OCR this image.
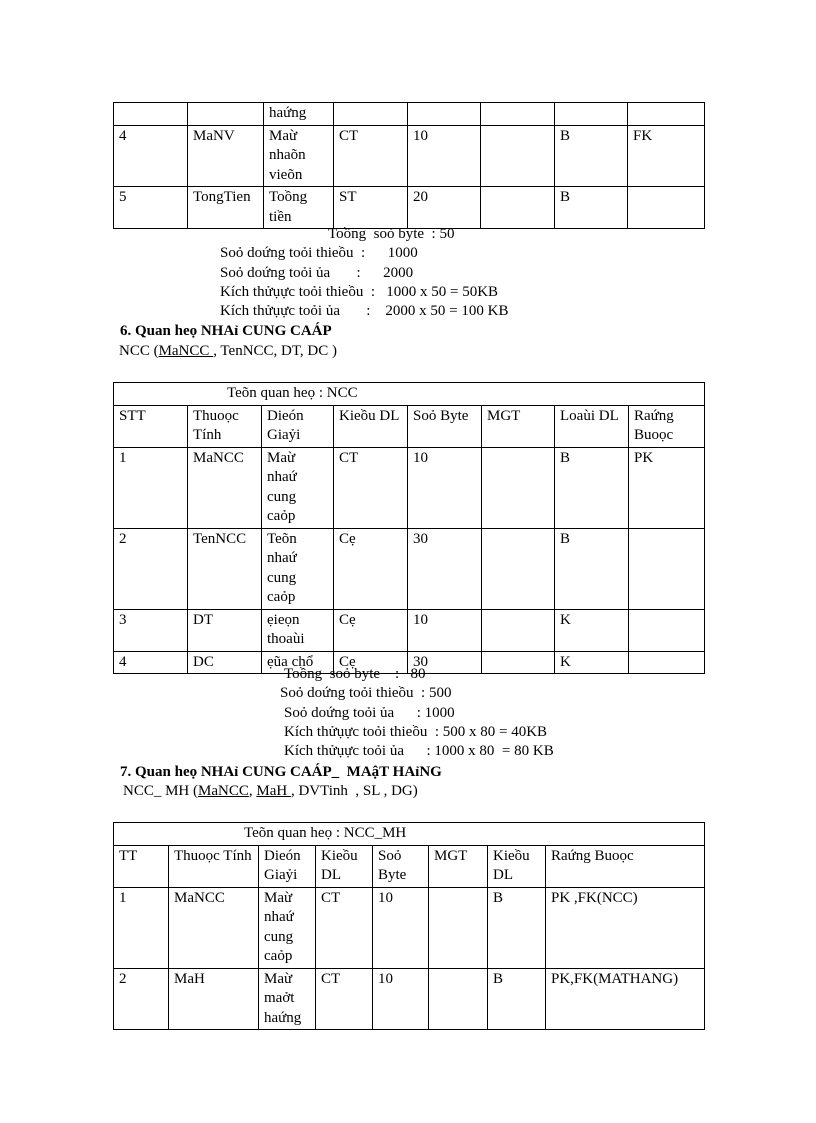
		haứng					
4	MaNV	Maừ nhaõn vieõn	CT	10		B	FK
5	TongTien	Toồng tiền	ST	20		B	
Toồng  soỏ byte  : 50
Soỏ doứng toỏi thieồu  :      1000
Soỏ doứng toỏi ủa       :      2000
Kích thửụực toỏi thieồu  :   1000 x 50 = 50KB
Kích thửụực toỏi ủa       :    2000 x 50 = 100 KB
6. Quan heọ NHAỉ CUNG CAÁP
NCC (MaNCC , TenNCC, DT, DC )
Teõn quan heọ : NCC							
STT	Thuoọc Tính	Dieón Giaỷi	Kieồu DL	Soỏ Byte	MGT	Loaùi DL	Raứng Buoọc
1	MaNCC	Maừ nhaứ cung caỏp	CT	10		B	PK
2	TenNCC	Teõn nhaứ cung caỏp	Cẹ	30		B	
3	DT	ẹieọn thoaùi	Cẹ	10		K	
4	DC	ẹũa chổ	Cẹ	30		K	
Toồng  soỏ byte    :   80
Soỏ doứng toỏi thieồu  : 500
Soỏ doứng toỏi ủa      : 1000
Kích thửụực toỏi thieồu  : 500 x 80 = 40KB
Kích thửụực toỏi ủa      : 1000 x 80  = 80 KB
7. Quan heọ NHAỉ CUNG CAÁP_  MAậT HAỉNG
NCC_ MH (MaNCC, MaH , DVTinh  , SL , DG)
Teõn quan heọ : NCC_MH							
TT	Thuoọc Tính	Dieón Giaỷi	Kieồu DL	Soỏ Byte	MGT	Kieồu DL	Raứng Buoọc
1	MaNCC	Maừ nhaứ cung caỏp	CT	10		B	PK ,FK(NCC)
2	MaH	Maừ maởt haứng	CT	10		B	PK,FK(MATHANG)
